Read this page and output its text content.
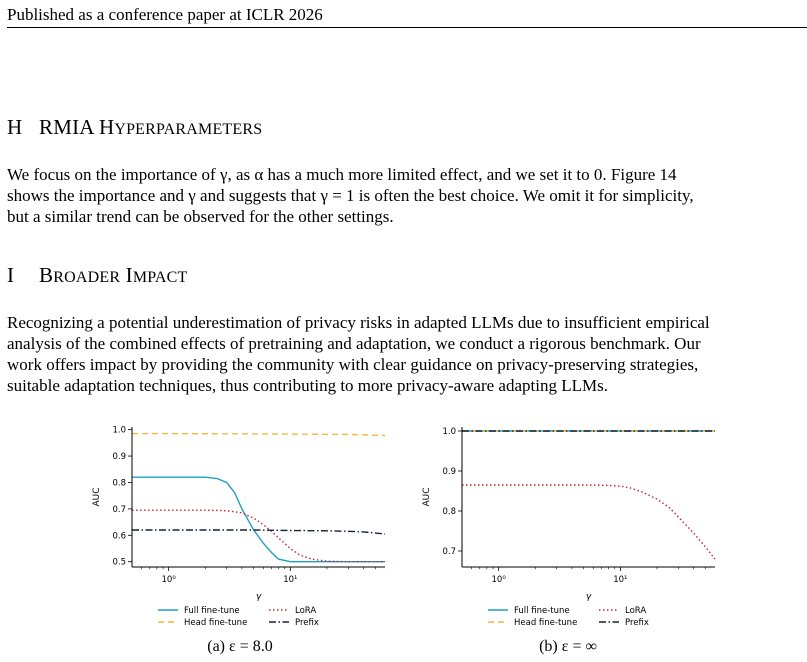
Published as a conference paper at ICLR 2026
H RMIA HYPERPARAMETERS
We focus on the importance of γ, as α has a much more limited effect, and we set it to 0. Figure 14
shows the importance and γ and suggests that γ = 1 is often the best choice. We omit it for simplicity,
but a similar trend can be observed for the other settings.
I BROADER IMPACT
Recognizing a potential underestimation of privacy risks in adapted LLMs due to insufficient empirical
analysis of the combined effects of pretraining and adaptation, we conduct a rigorous benchmark. Our
work offers impact by providing the community with clear guidance on privacy-preserving strategies,
suitable adaptation techniques, thus contributing to more privacy-aware adapting LLMs.
0.5
0.6
0.7
0.8
0.9
1.0
10⁰	10¹
γ
AUC
Full fine-tune
Head fine-tune
LoRA
Prefix
0.7
0.8
0.9
1.0
10⁰	10¹
γ
AUC
Full fine-tune
Head fine-tune
LoRA
Prefix
(a) ε = 8.0	(b) ε = ∞
